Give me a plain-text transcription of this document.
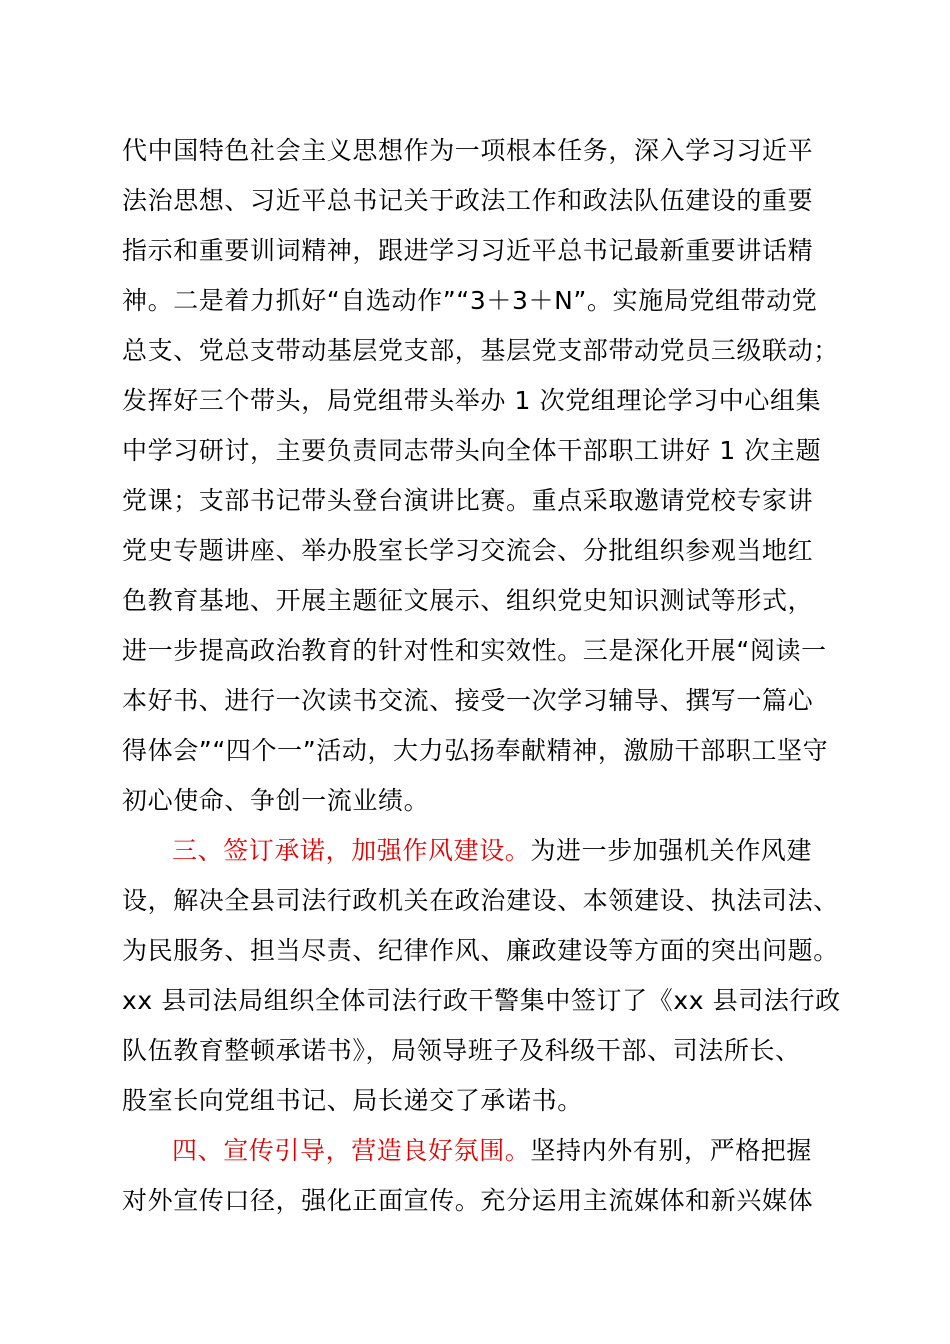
代中国特色社会主义思想作为一项根本任务，深入学习习近平
法治思想、习近平总书记关于政法工作和政法队伍建设的重要
指示和重要训词精神，跟进学习习近平总书记最新重要讲话精
神。二是着力抓好“自选动作”“3＋3＋N”。实施局党组带动党
总支、党总支带动基层党支部，基层党支部带动党员三级联动；
发挥好三个带头，局党组带头举办 1 次党组理论学习中心组集
中学习研讨，主要负责同志带头向全体干部职工讲好 1 次主题
党课；支部书记带头登台演讲比赛。重点采取邀请党校专家讲
党史专题讲座、举办股室长学习交流会、分批组织参观当地红
色教育基地、开展主题征文展示、组织党史知识测试等形式，
进一步提高政治教育的针对性和实效性。三是深化开展“阅读一
本好书、进行一次读书交流、接受一次学习辅导、撰写一篇心
得体会”“四个一”活动，大力弘扬奉献精神，激励干部职工坚守
初心使命、争创一流业绩。
三、签订承诺，加强作风建设。为进一步加强机关作风建
设，解决全县司法行政机关在政治建设、本领建设、执法司法、
为民服务、担当尽责、纪律作风、廉政建设等方面的突出问题。
xx 县司法局组织全体司法行政干警集中签订了《xx 县司法行政
队伍教育整顿承诺书》，局领导班子及科级干部、司法所长、
股室长向党组书记、局长递交了承诺书。
四、宣传引导，营造良好氛围。坚持内外有别，严格把握
对外宣传口径，强化正面宣传。充分运用主流媒体和新兴媒体
